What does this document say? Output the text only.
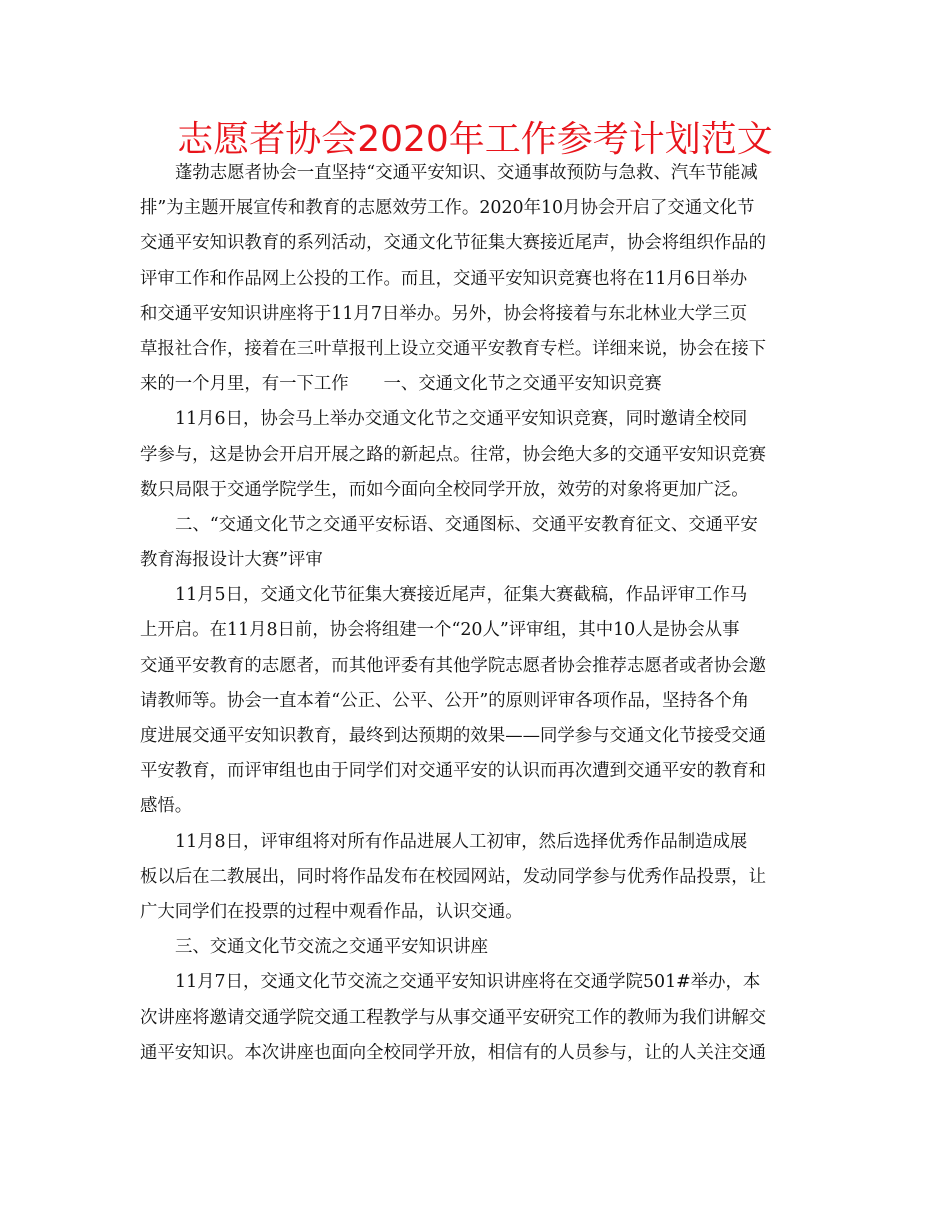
志愿者协会2020年工作参考计划范文
蓬勃志愿者协会一直坚持“交通平安知识、交通事故预防与急救、汽车节能减
排”为主题开展宣传和教育的志愿效劳工作。2020年10月协会开启了交通文化节
交通平安知识教育的系列活动，交通文化节征集大赛接近尾声，协会将组织作品的
评审工作和作品网上公投的工作。而且，交通平安知识竞赛也将在11月6日举办
和交通平安知识讲座将于11月7日举办。另外，协会将接着与东北林业大学三页
草报社合作，接着在三叶草报刊上设立交通平安教育专栏。详细来说，协会在接下
来的一个月里，有一下工作　　一、交通文化节之交通平安知识竞赛
11月6日，协会马上举办交通文化节之交通平安知识竞赛，同时邀请全校同
学参与，这是协会开启开展之路的新起点。往常，协会绝大多的交通平安知识竞赛
数只局限于交通学院学生，而如今面向全校同学开放，效劳的对象将更加广泛。
二、“交通文化节之交通平安标语、交通图标、交通平安教育征文、交通平安
教育海报设计大赛”评审
11月5日，交通文化节征集大赛接近尾声，征集大赛截稿，作品评审工作马
上开启。在11月8日前，协会将组建一个“20人”评审组，其中10人是协会从事
交通平安教育的志愿者，而其他评委有其他学院志愿者协会推荐志愿者或者协会邀
请教师等。协会一直本着“公正、公平、公开”的原则评审各项作品，坚持各个角
度进展交通平安知识教育，最终到达预期的效果——同学参与交通文化节接受交通
平安教育，而评审组也由于同学们对交通平安的认识而再次遭到交通平安的教育和
感悟。
11月8日，评审组将对所有作品进展人工初审，然后选择优秀作品制造成展
板以后在二教展出，同时将作品发布在校园网站，发动同学参与优秀作品投票，让
广大同学们在投票的过程中观看作品，认识交通。
三、交通文化节交流之交通平安知识讲座
11月7日，交通文化节交流之交通平安知识讲座将在交通学院501#举办，本
次讲座将邀请交通学院交通工程教学与从事交通平安研究工作的教师为我们讲解交
通平安知识。本次讲座也面向全校同学开放，相信有的人员参与，让的人关注交通
